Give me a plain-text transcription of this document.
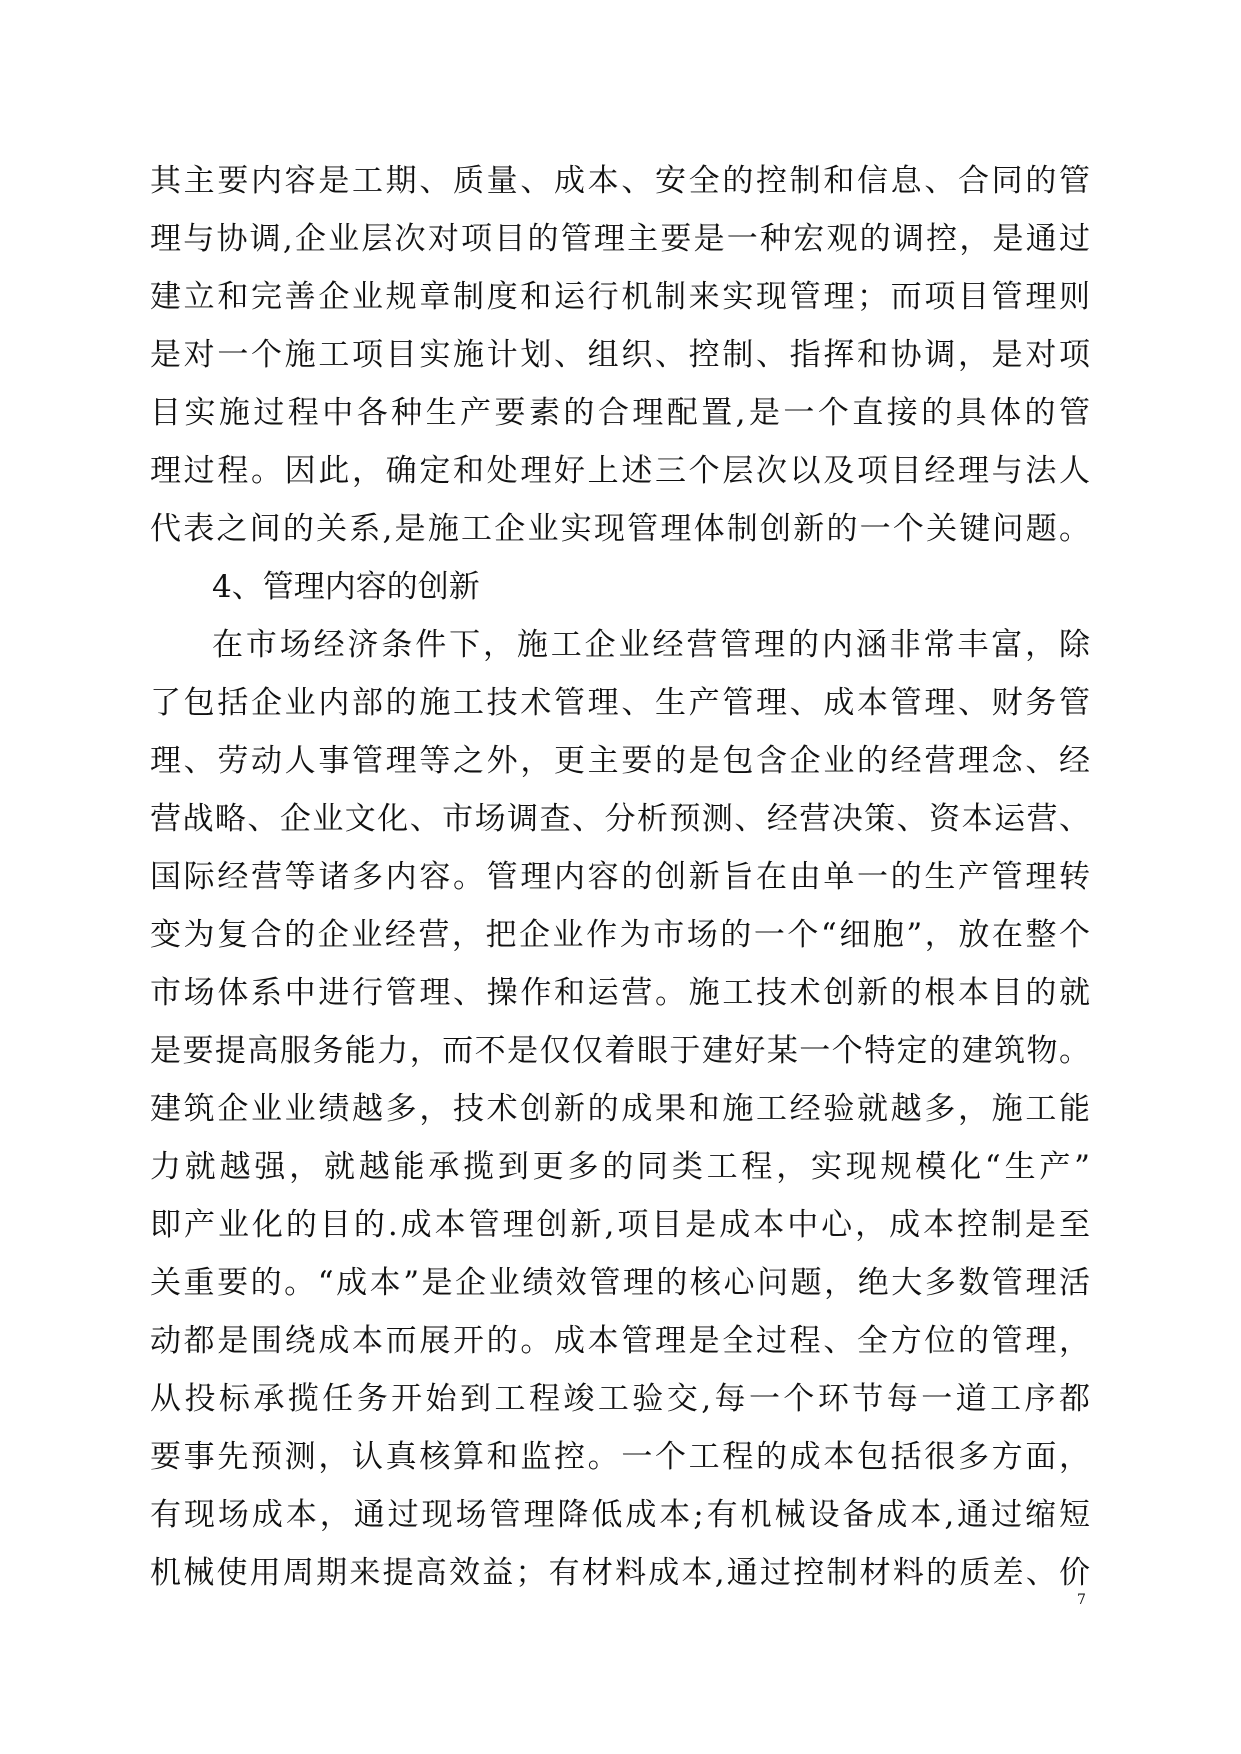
其主要内容是工期、质量、成本、安全的控制和信息、合同的管
理与协调,企业层次对项目的管理主要是一种宏观的调控，是通过
建立和完善企业规章制度和运行机制来实现管理；而项目管理则
是对一个施工项目实施计划、组织、控制、指挥和协调，是对项
目实施过程中各种生产要素的合理配置,是一个直接的具体的管
理过程。因此，确定和处理好上述三个层次以及项目经理与法人
代表之间的关系,是施工企业实现管理体制创新的一个关键问题。
4、管理内容的创新
在市场经济条件下，施工企业经营管理的内涵非常丰富，除
了包括企业内部的施工技术管理、生产管理、成本管理、财务管
理、劳动人事管理等之外，更主要的是包含企业的经营理念、经
营战略、企业文化、市场调查、分析预测、经营决策、资本运营、
国际经营等诸多内容。管理内容的创新旨在由单一的生产管理转
变为复合的企业经营，把企业作为市场的一个“细胞”，放在整个
市场体系中进行管理、操作和运营。施工技术创新的根本目的就
是要提高服务能力，而不是仅仅着眼于建好某一个特定的建筑物。
建筑企业业绩越多，技术创新的成果和施工经验就越多，施工能
力就越强，就越能承揽到更多的同类工程，实现规模化“生产”
即产业化的目的.成本管理创新,项目是成本中心，成本控制是至
关重要的。“成本”是企业绩效管理的核心问题，绝大多数管理活
动都是围绕成本而展开的。成本管理是全过程、全方位的管理，
从投标承揽任务开始到工程竣工验交,每一个环节每一道工序都
要事先预测，认真核算和监控。一个工程的成本包括很多方面，
有现场成本，通过现场管理降低成本;有机械设备成本,通过缩短
机械使用周期来提高效益；有材料成本,通过控制材料的质差、价
7
